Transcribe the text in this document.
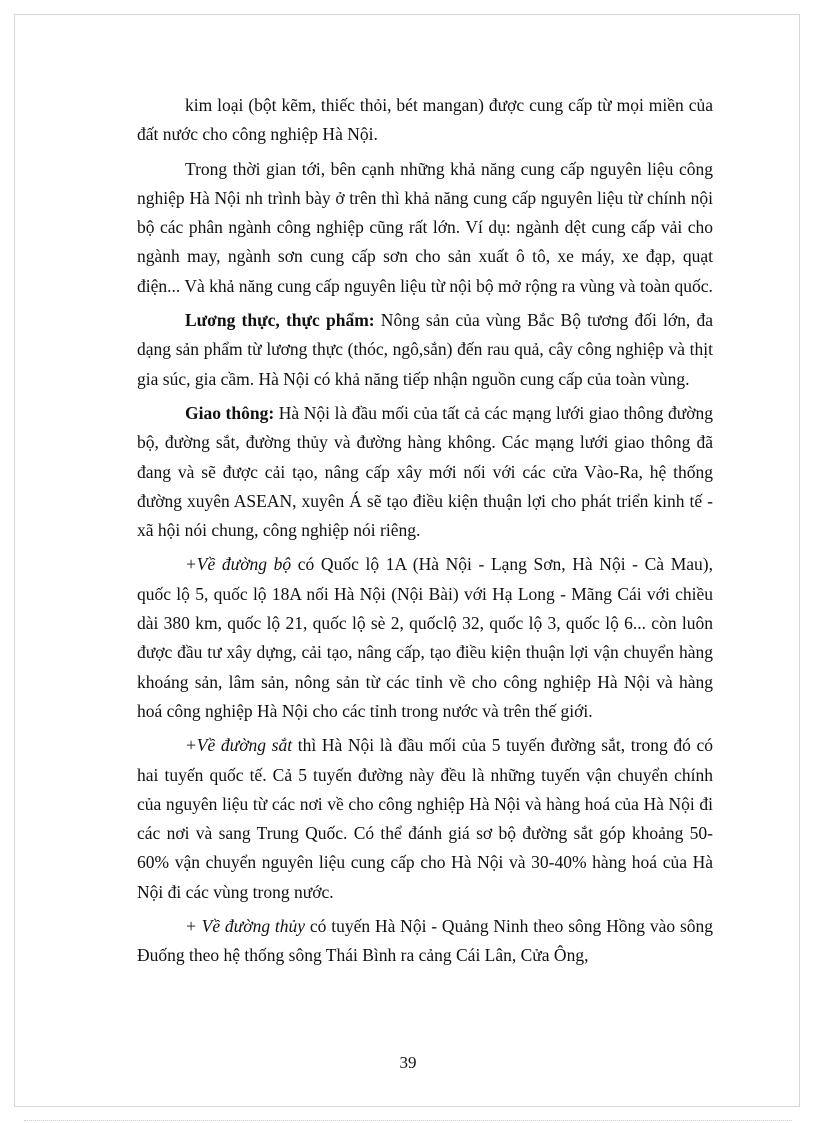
kim loại (bột kẽm, thiếc thỏi, bét mangan) được cung cấp từ mọi miền của đất nước cho công nghiệp Hà Nội.

Trong thời gian tới, bên cạnh những khả năng cung cấp nguyên liệu công nghiệp Hà Nội nh trình bày ở trên thì khả năng cung cấp nguyên liệu từ chính nội bộ các phân ngành công nghiệp cũng rất lớn. Ví dụ: ngành dệt cung cấp vải cho ngành may, ngành sơn cung cấp sơn cho sản xuất ô tô, xe máy, xe đạp, quạt điện... Và khả năng cung cấp nguyên liệu từ nội bộ mở rộng ra vùng và toàn quốc.

Lương thực, thực phẩm: Nông sản của vùng Bắc Bộ tương đối lớn, đa dạng sản phẩm từ lương thực (thóc, ngô,sắn) đến rau quả, cây công nghiệp và thịt gia súc, gia cầm. Hà Nội có khả năng tiếp nhận nguồn cung cấp của toàn vùng.

Giao thông: Hà Nội là đầu mối của tất cả các mạng lưới giao thông đường bộ, đường sắt, đường thủy và đường hàng không. Các mạng lưới giao thông đã đang và sẽ được cải tạo, nâng cấp xây mới nối với các cửa Vào-Ra, hệ thống đường xuyên ASEAN, xuyên Á sẽ tạo điều kiện thuận lợi cho phát triển kinh tế - xã hội nói chung, công nghiệp nói riêng.

+Về đường bộ có Quốc lộ 1A (Hà Nội - Lạng Sơn, Hà Nội - Cà Mau), quốc lộ 5, quốc lộ 18A nối Hà Nội (Nội Bài) với Hạ Long - Mãng Cái với chiều dài 380 km, quốc lộ 21, quốc lộ sè 2, quốclộ 32, quốc lộ 3, quốc lộ 6... còn luôn được đầu tư xây dựng, cải tạo, nâng cấp, tạo điều kiện thuận lợi vận chuyển hàng khoáng sản, lâm sản, nông sản từ các tỉnh về cho công nghiệp Hà Nội và hàng hoá công nghiệp Hà Nội cho các tỉnh trong nước và trên thế giới.

+Về đường sắt thì Hà Nội là đầu mối của 5 tuyến đường sắt, trong đó có hai tuyến quốc tế. Cả 5 tuyến đường này đều là những tuyến vận chuyển chính của nguyên liệu từ các nơi về cho công nghiệp Hà Nội và hàng hoá của Hà Nội đi các nơi và sang Trung Quốc. Có thể đánh giá sơ bộ đường sắt góp khoảng 50-60% vận chuyển nguyên liệu cung cấp cho Hà Nội và 30-40% hàng hoá của Hà Nội đi các vùng trong nước.

+ Về đường thủy có tuyến Hà Nội - Quảng Ninh theo sông Hồng vào sông Đuống theo hệ thống sông Thái Bình ra cảng Cái Lân, Cửa Ông,

39
